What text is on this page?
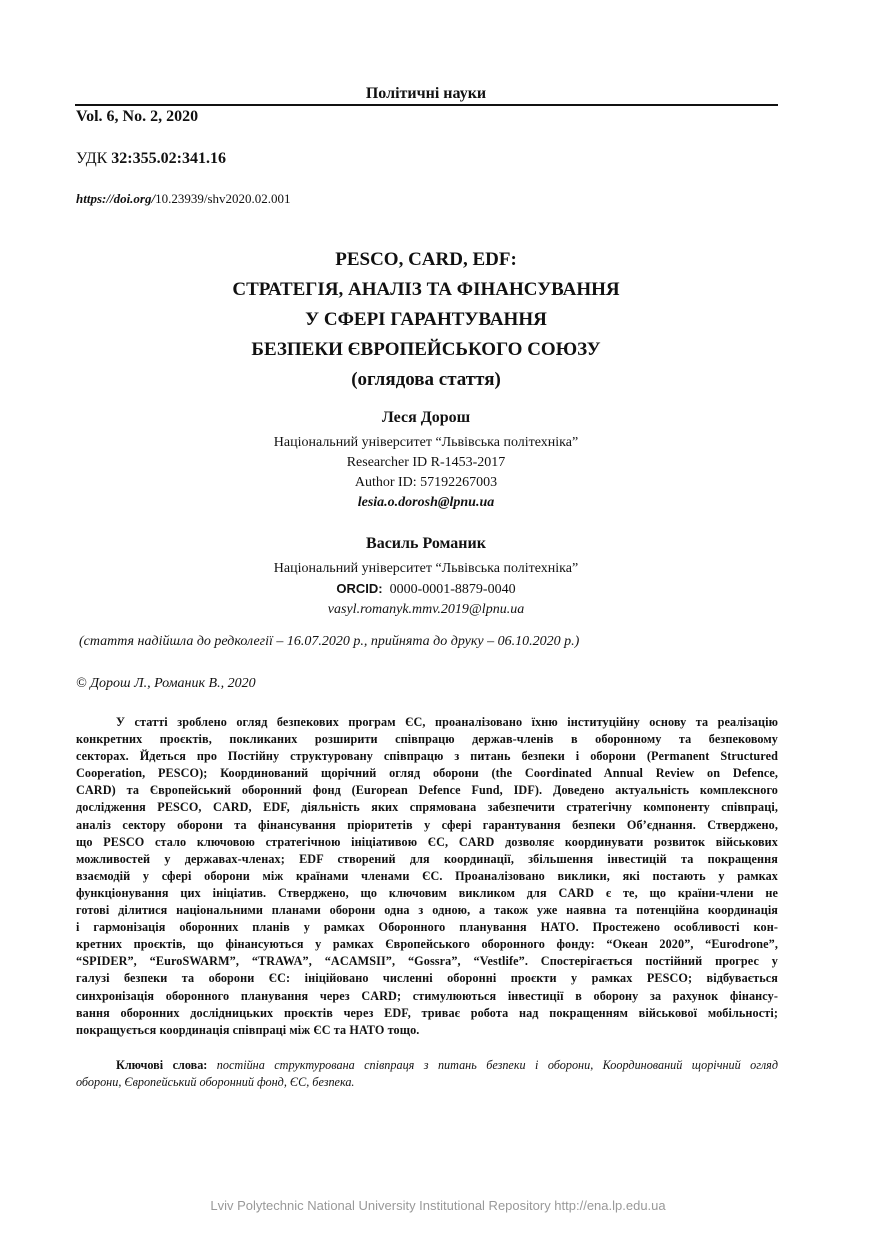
Політичні науки
Vol. 6, No. 2, 2020
УДК 32:355.02:341.16
https://doi.org/10.23939/shv2020.02.001
PESCO, CARD, EDF:
СТРАТЕГІЯ, АНАЛІЗ ТА ФІНАНСУВАННЯ
У СФЕРІ ГАРАНТУВАННЯ
БЕЗПЕКИ ЄВРОПЕЙСЬКОГО СОЮЗУ
(оглядова стаття)
Леся Дорош
Національний університет “Львівська політехніка”
Researcher ID R-1453-2017
Author ID: 57192267003
lesia.o.dorosh@lpnu.ua
Василь Романик
Національний університет “Львівська політехніка”
ORCID: 0000-0001-8879-0040
vasyl.romanyk.mmv.2019@lpnu.ua
(стаття надійшла до редколегії – 16.07.2020 р., прийнята до друку – 06.10.2020 р.)
© Дорош Л., Романик В., 2020
У статті зроблено огляд безпекових програм ЄС, проаналізовано їхню інституційну основу та реалізацію
конкретних проєктів, покликаних розширити співпрацю держав-членів в оборонному та безпековому
секторах. Йдеться про Постійну структуровану співпрацю з питань безпеки і оборони (Permanent Structured
Cooperation, PESCO); Координований щорічний огляд оборони (the Coordinated Annual Review on Defence,
CARD) та Європейський оборонний фонд (European Defence Fund, IDF). Доведено актуальність комплексного
дослідження PESCO, CARD, EDF, діяльність яких спрямована забезпечити стратегічну компоненту співпраці,
аналіз сектору оборони та фінансування пріоритетів у сфері гарантування безпеки Об’єднання. Стверджено,
що PESCO стало ключовою стратегічною ініціативою ЄС, CARD дозволяє координувати розвиток військових
можливостей у державах-членах; EDF створений для координації, збільшення інвестицій та покращення
взаємодій у сфері оборони між країнами членами ЄС. Проаналізовано виклики, які постають у рамках
функціонування цих ініціатив. Стверджено, що ключовим викликом для CARD є те, що країни-члени не
готові ділитися національними планами оборони одна з одною, а також уже наявна та потенційна координація
і гармонізація оборонних планів у рамках Оборонного планування НАТО. Простежено особливості кон-
кретних проєктів, що фінансуються у рамках Європейського оборонного фонду: “Океан 2020”, “Eurodrone”,
“SPIDER”, “EuroSWARM”, “TRAWA”, “ACAMSII”, “Gossra”, “Vestlife”. Спостерігається постійний прогрес у
галузі безпеки та оборони ЄС: ініційовано численні оборонні проєкти у рамках PESCO; відбувається
синхронізація оборонного планування через CARD; стимулюються інвестиції в оборону за рахунок фінансу-
вання оборонних дослідницьких проєктів через EDF, триває робота над покращенням військової мобільності;
покращується координація співпраці між ЄС та НАТО тощо.
Ключові слова: постійна структурована співпраця з питань безпеки і оборони, Координований щорічний огляд
оборони, Європейський оборонний фонд, ЄС, безпека.
Lviv Polytechnic National University Institutional Repository http://ena.lp.edu.ua
